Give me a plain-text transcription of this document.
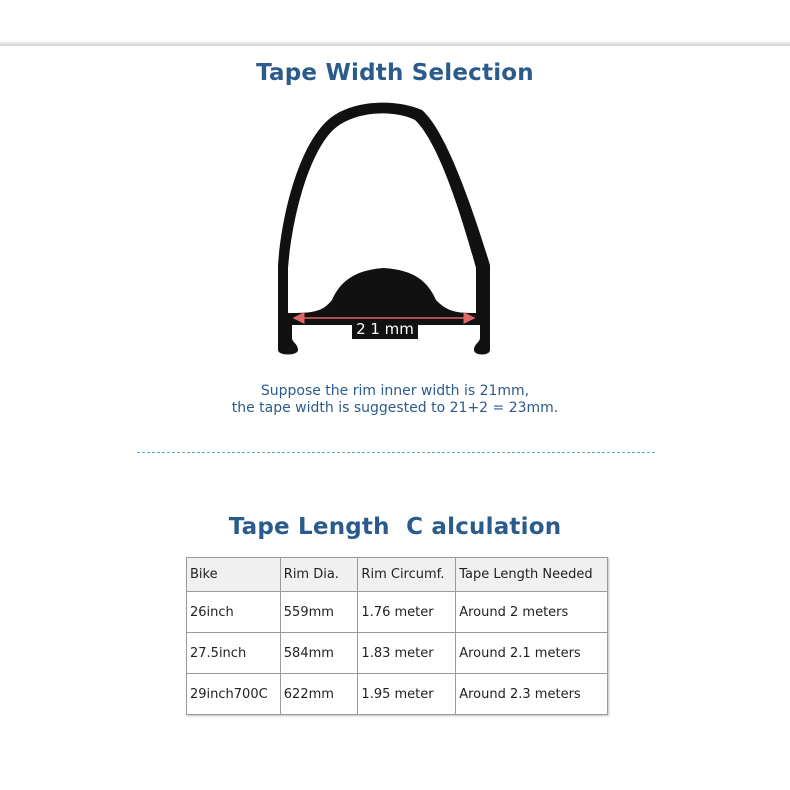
Tape Width Selection
2 1 mm
Suppose the rim inner width is 21mm,
the tape width is suggested to 21+2 = 23mm.
Tape Length  C alculation
Bike	Rim Dia.	Rim Circumf.	Tape Length Needed
26inch	559mm	1.76 meter	Around 2 meters
27.5inch	584mm	1.83 meter	Around 2.1 meters
29inch700C	622mm	1.95 meter	Around 2.3 meters
